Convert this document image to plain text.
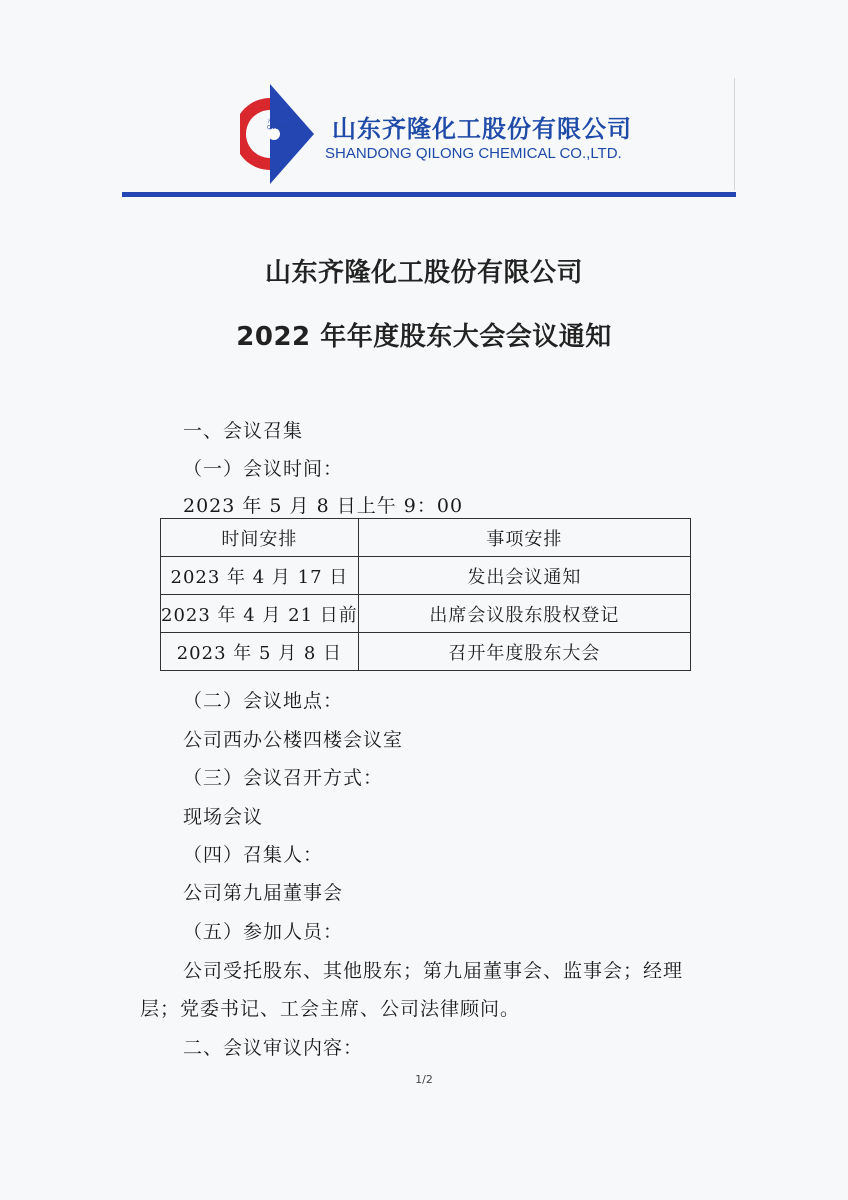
齐隆
QILONG 山东齐隆化工股份有限公司
SHANDONG QILONG CHEMICAL CO.,LTD.
山东齐隆化工股份有限公司
2022 年年度股东大会会议通知
一、会议召集
（一）会议时间：
2023 年 5 月 8 日上午 9：00
时间安排	事项安排
2023 年 4 月 17 日	发出会议通知
2023 年 4 月 21 日前	出席会议股东股权登记
2023 年 5 月 8 日	召开年度股东大会
（二）会议地点：
公司西办公楼四楼会议室
（三）会议召开方式：
现场会议
（四）召集人：
公司第九届董事会
（五）参加人员：
公司受托股东、其他股东；第九届董事会、监事会；经理
层；党委书记、工会主席、公司法律顾问。
二、会议审议内容：
1/2
